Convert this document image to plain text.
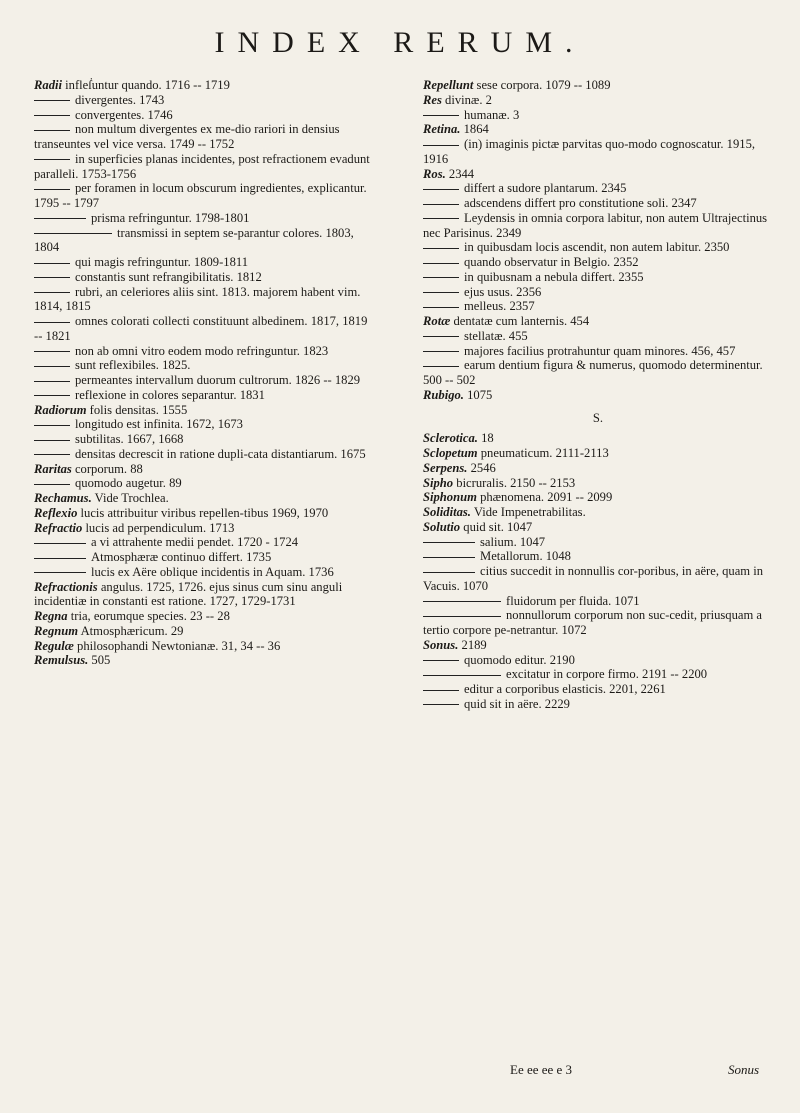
INDEX RERUM.
Radii infleẛuntur quando. 1716 -- 1719
divergentes. 1743
convergentes. 1746
non multum divergentes ex me-dio rariori in densius transeuntes vel vice versa. 1749 -- 1752
in superficies planas incidentes, post refractionem evadunt paralleli. 1753-1756
per foramen in locum obscurum ingredientes, explicantur. 1795 -- 1797
prisma refringuntur. 1798-1801
transmissi in septem se-parantur colores. 1803, 1804
qui magis refringuntur. 1809-1811
constantis sunt refrangibilitatis. 1812
rubri, an celeriores aliis sint. 1813. majorem habent vim. 1814, 1815
omnes colorati collecti constituunt albedinem. 1817, 1819 -- 1821
non ab omni vitro eodem modo refringuntur. 1823
sunt reflexibiles. 1825.
permeantes intervallum duorum cultrorum. 1826 -- 1829
reflexione in colores separantur. 1831
Radiorum folis densitas. 1555
longitudo est infinita. 1672, 1673
subtilitas. 1667, 1668
densitas decrescit in ratione dupli-cata distantiarum. 1675
Raritas corporum. 88
quomodo augetur. 89
Rechamus. Vide Trochlea.
Reflexio lucis attribuitur viribus repellen-tibus 1969, 1970
Refractio lucis ad perpendiculum. 1713
a vi attrahente medii pendet. 1720 - 1724
Atmosphæræ continuo differt. 1735
lucis ex Aëre oblique incidentis in Aquam. 1736
Refractionis angulus. 1725, 1726. ejus sinus cum sinu anguli incidentiæ in constanti est ratione. 1727, 1729-1731
Regna tria, eorumque species. 23 -- 28
Regnum Atmosphæricum. 29
Regulæ philosophandi Newtonianæ. 31, 34 -- 36
Remulsus. 505
Repellunt sese corpora. 1079 -- 1089
Res divinæ. 2
humanæ. 3
Retina. 1864
(in) imaginis pictæ parvitas quo-modo cognoscatur. 1915, 1916
Ros. 2344
differt a sudore plantarum. 2345
adscendens differt pro constitutione soli. 2347
Leydensis in omnia corpora labitur, non autem Ultrajectinus nec Parisinus. 2349
in quibusdam locis ascendit, non autem labitur. 2350
quando observatur in Belgio. 2352
in quibusnam a nebula differt. 2355
ejus usus. 2356
melleus. 2357
Rotæ dentatæ cum lanternis. 454
stellatæ. 455
majores facilius protrahuntur quam minores. 456, 457
earum dentium figura & numerus, quomodo determinentur. 500 -- 502
Rubigo. 1075
S.
Sclerotica. 18
Sclopetum pneumaticum. 2111-2113
Serpens. 2546
Sipho bicruralis. 2150 -- 2153
Siphonum phænomena. 2091 -- 2099
Soliditas. Vide Impenetrabilitas.
Solutio quid sit. 1047
salium. 1047
Metallorum. 1048
citius succedit in nonnullis cor-poribus, in aëre, quam in Vacuis. 1070
fluidorum per fluida. 1071
nonnullorum corporum non suc-cedit, priusquam a tertio corpore pe-netrantur. 1072
Sonus. 2189
quomodo editur. 2190
excitatur in corpore firmo. 2191 -- 2200
editur a corporibus elasticis. 2201, 2261
quid sit in aëre. 2229
Ee ee ee e 3	Sonus
